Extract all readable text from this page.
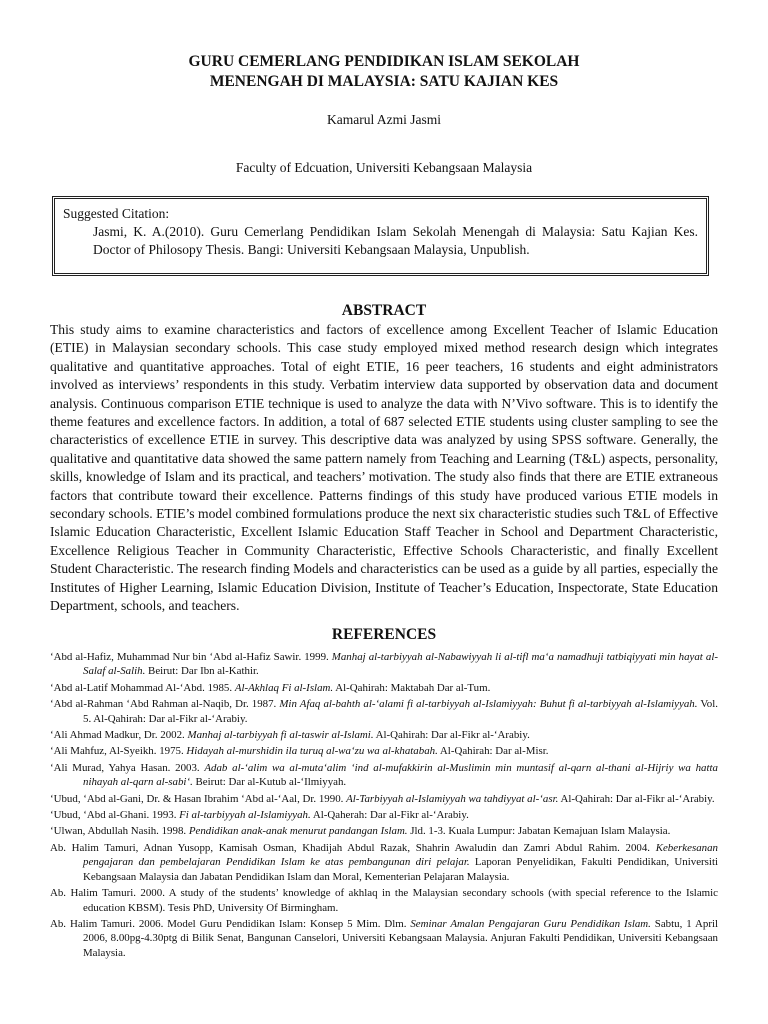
GURU CEMERLANG PENDIDIKAN ISLAM SEKOLAH
MENENGAH DI MALAYSIA: SATU KAJIAN KES
Kamarul Azmi Jasmi
Faculty of Edcuation, Universiti Kebangsaan Malaysia
Suggested Citation:
Jasmi, K. A.(2010). Guru Cemerlang Pendidikan Islam Sekolah Menengah di Malaysia: Satu Kajian Kes. Doctor of Philosopy Thesis. Bangi: Universiti Kebangsaan Malaysia, Unpublish.
ABSTRACT
This study aims to examine characteristics and factors of excellence among Excellent Teacher of Islamic Education (ETIE) in Malaysian secondary schools. This case study employed mixed method research design which integrates qualitative and quantitative approaches. Total of eight ETIE, 16 peer teachers, 16 students and eight administrators involved as interviews’ respondents in this study. Verbatim interview data supported by observation data and document analysis. Continuous comparison ETIE technique is used to analyze the data with N’Vivo software. This is to identify the theme features and excellence factors. In addition, a total of 687 selected ETIE students using cluster sampling to see the characteristics of excellence ETIE in survey. This descriptive data was analyzed by using SPSS software. Generally, the qualitative and quantitative data showed the same pattern namely from Teaching and Learning (T&L) aspects, personality, skills, knowledge of Islam and its practical, and teachers’ motivation. The study also finds that there are ETIE extraneous factors that contribute toward their excellence. Patterns findings of this study have produced various ETIE models in secondary schools. ETIE’s model combined formulations produce the next six characteristic studies such T&L of Effective Islamic Education Characteristic, Excellent Islamic Education Staff Teacher in School and Department Characteristic, Excellence Religious Teacher in Community Characteristic, Effective Schools Characteristic, and finally Excellent Student Characteristic. The research finding Models and characteristics can be used as a guide by all parties, especially the Institutes of Higher Learning, Islamic Education Division, Institute of Teacher’s Education, Inspectorate, State Education Department, schools, and teachers.
REFERENCES
‘Abd al-Hafiz, Muhammad Nur bin ‘Abd al-Hafiz Sawir. 1999. Manhaj al-tarbiyyah al-Nabawiyyah li al-tifl ma‘a namadhuji tatbiqiyyati min hayat al-Salaf al-Salih. Beirut: Dar Ibn al-Kathir.
‘Abd al-Latif Mohammad Al-‘Abd. 1985. Al-Akhlaq Fi al-Islam. Al-Qahirah: Maktabah Dar al-Tum.
‘Abd al-Rahman ‘Abd Rahman al-Naqib, Dr. 1987. Min Afaq al-bahth al-‘alami fi al-tarbiyyah al-Islamiyyah: Buhut fi al-tarbiyyah al-Islamiyyah. Vol. 5. Al-Qahirah: Dar al-Fikr al-‘Arabiy.
‘Ali Ahmad Madkur, Dr. 2002. Manhaj al-tarbiyyah fi al-taswir al-Islami. Al-Qahirah: Dar al-Fikr al-‘Arabiy.
‘Ali Mahfuz, Al-Syeikh. 1975. Hidayah al-murshidin ila turuq al-wa‘zu wa al-khatabah. Al-Qahirah: Dar al-Misr.
‘Ali Murad, Yahya Hasan. 2003. Adab al-‘alim wa al-muta‘alim ‘ind al-mufakkirin al-Muslimin min muntasif al-qarn al-thani al-Hijriy wa hatta nihayah al-qarn al-sabi‘. Beirut: Dar al-Kutub al-‘Ilmiyyah.
‘Ubud, ‘Abd al-Gani, Dr. & Hasan Ibrahim ‘Abd al-‘Aal, Dr. 1990. Al-Tarbiyyah al-Islamiyyah wa tahdiyyat al-‘asr. Al-Qahirah: Dar al-Fikr al-‘Arabiy.
‘Ubud, ‘Abd al-Ghani. 1993. Fi al-tarbiyyah al-Islamiyyah. Al-Qaherah: Dar al-Fikr al-‘Arabiy.
‘Ulwan, Abdullah Nasih. 1998. Pendidikan anak-anak menurut pandangan Islam. Jld. 1-3. Kuala Lumpur: Jabatan Kemajuan Islam Malaysia.
Ab. Halim Tamuri, Adnan Yusopp, Kamisah Osman, Khadijah Abdul Razak, Shahrin Awaludin dan Zamri Abdul Rahim. 2004. Keberkesanan pengajaran dan pembelajaran Pendidikan Islam ke atas pembangunan diri pelajar. Laporan Penyelidikan, Fakulti Pendidikan, Universiti Kebangsaan Malaysia dan Jabatan Pendidikan Islam dan Moral, Kementerian Pelajaran Malaysia.
Ab. Halim Tamuri. 2000. A study of the students’ knowledge of akhlaq in the Malaysian secondary schools (with special reference to the Islamic education KBSM). Tesis PhD, University Of Birmingham.
Ab. Halim Tamuri. 2006. Model Guru Pendidikan Islam: Konsep 5 Mim. Dlm. Seminar Amalan Pengajaran Guru Pendidikan Islam. Sabtu, 1 April 2006, 8.00pg-4.30ptg di Bilik Senat, Bangunan Canselori, Universiti Kebangsaan Malaysia. Anjuran Fakulti Pendidikan, Universiti Kebangsaan Malaysia.
